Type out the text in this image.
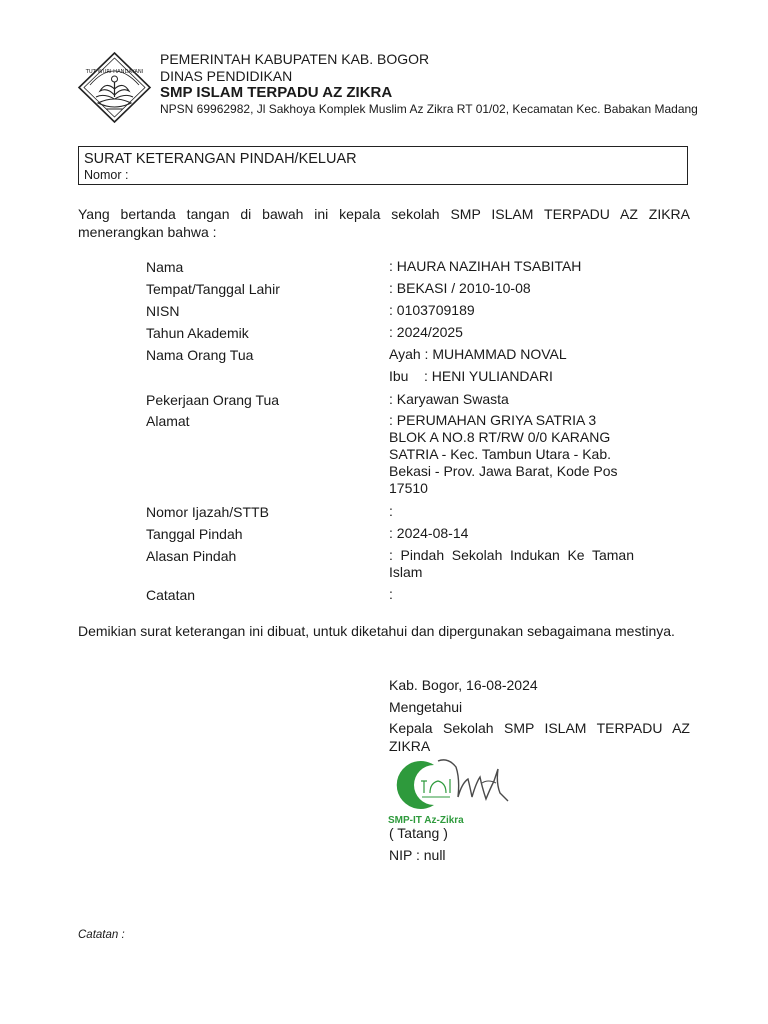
TUT WURI HANDAYANI
PEMERINTAH KABUPATEN KAB. BOGOR
DINAS PENDIDIKAN
SMP ISLAM TERPADU AZ ZIKRA
NPSN 69962982, Jl Sakhoya Komplek Muslim Az Zikra RT 01/02, Kecamatan Kec. Babakan Madang
SURAT KETERANGAN PINDAH/KELUAR
Nomor :
Yang bertanda tangan di bawah ini kepala sekolah SMP ISLAM TERPADU AZ ZIKRA menerangkan bahwa :
Nama	: HAURA NAZIHAH TSABITAH
Tempat/Tanggal Lahir	: BEKASI / 2010-10-08
NISN	: 0103709189
Tahun Akademik	: 2024/2025
Nama Orang Tua	Ayah : MUHAMMAD NOVAL
Ibu	: HENI YULIANDARI
Pekerjaan Orang Tua	: Karyawan Swasta
Alamat	: PERUMAHAN GRIYA SATRIA 3 BLOK A NO.8 RT/RW 0/0 KARANG SATRIA - Kec. Tambun Utara - Kab. Bekasi - Prov. Jawa Barat, Kode Pos 17510
Nomor Ijazah/STTB	:
Tanggal Pindah	: 2024-08-14
Alasan Pindah	: Pindah Sekolah Indukan Ke Taman Islam
Catatan	:
Demikian surat keterangan ini dibuat, untuk diketahui dan dipergunakan sebagaimana mestinya.
Kab. Bogor, 16-08-2024
Mengetahui
Kepala Sekolah SMP ISLAM TERPADU AZ ZIKRA
SMP-IT Az-Zikra
( Tatang )
NIP : null
Catatan :
